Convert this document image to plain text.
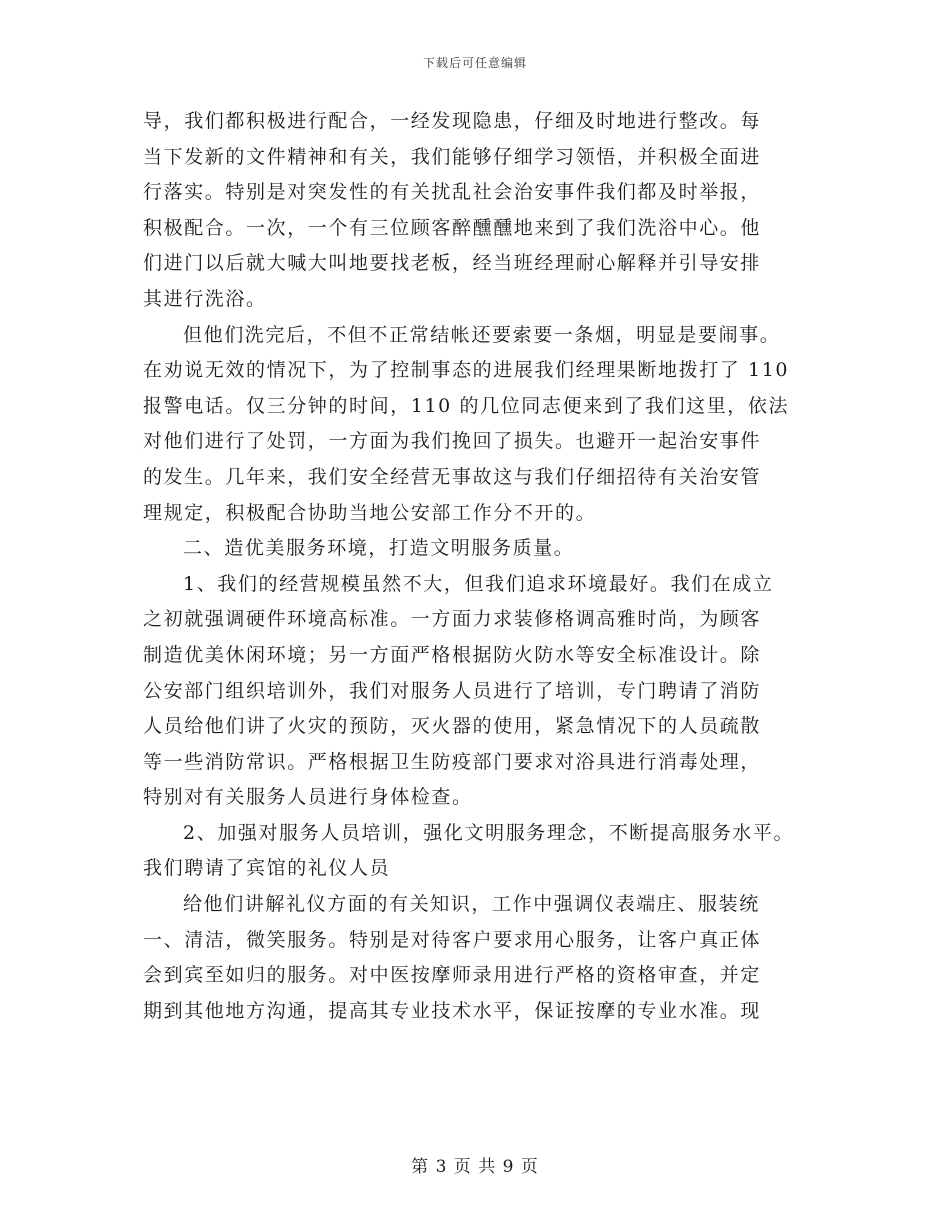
下载后可任意编辑
导，我们都积极进行配合，一经发现隐患，仔细及时地进行整改。每
当下发新的文件精神和有关，我们能够仔细学习领悟，并积极全面进
行落实。特别是对突发性的有关扰乱社会治安事件我们都及时举报，
积极配合。一次，一个有三位顾客醉醺醺地来到了我们洗浴中心。他
们进门以后就大喊大叫地要找老板，经当班经理耐心解释并引导安排
其进行洗浴。
但他们洗完后，不但不正常结帐还要索要一条烟，明显是要闹事。
在劝说无效的情况下，为了控制事态的进展我们经理果断地拨打了 110
报警电话。仅三分钟的时间，110 的几位同志便来到了我们这里，依法
对他们进行了处罚，一方面为我们挽回了损失。也避开一起治安事件
的发生。几年来，我们安全经营无事故这与我们仔细招待有关治安管
理规定，积极配合协助当地公安部工作分不开的。
二、造优美服务环境，打造文明服务质量。
1、我们的经营规模虽然不大，但我们追求环境最好。我们在成立
之初就强调硬件环境高标准。一方面力求装修格调高雅时尚，为顾客
制造优美休闲环境；另一方面严格根据防火防水等安全标准设计。除
公安部门组织培训外，我们对服务人员进行了培训，专门聘请了消防
人员给他们讲了火灾的预防，灭火器的使用，紧急情况下的人员疏散
等一些消防常识。严格根据卫生防疫部门要求对浴具进行消毒处理，
特别对有关服务人员进行身体检查。
2、加强对服务人员培训，强化文明服务理念，不断提高服务水平。
我们聘请了宾馆的礼仪人员
给他们讲解礼仪方面的有关知识，工作中强调仪表端庄、服装统
一、清洁，微笑服务。特别是对待客户要求用心服务，让客户真正体
会到宾至如归的服务。对中医按摩师录用进行严格的资格审查，并定
期到其他地方沟通，提高其专业技术水平，保证按摩的专业水准。现
第 3 页 共 9 页
